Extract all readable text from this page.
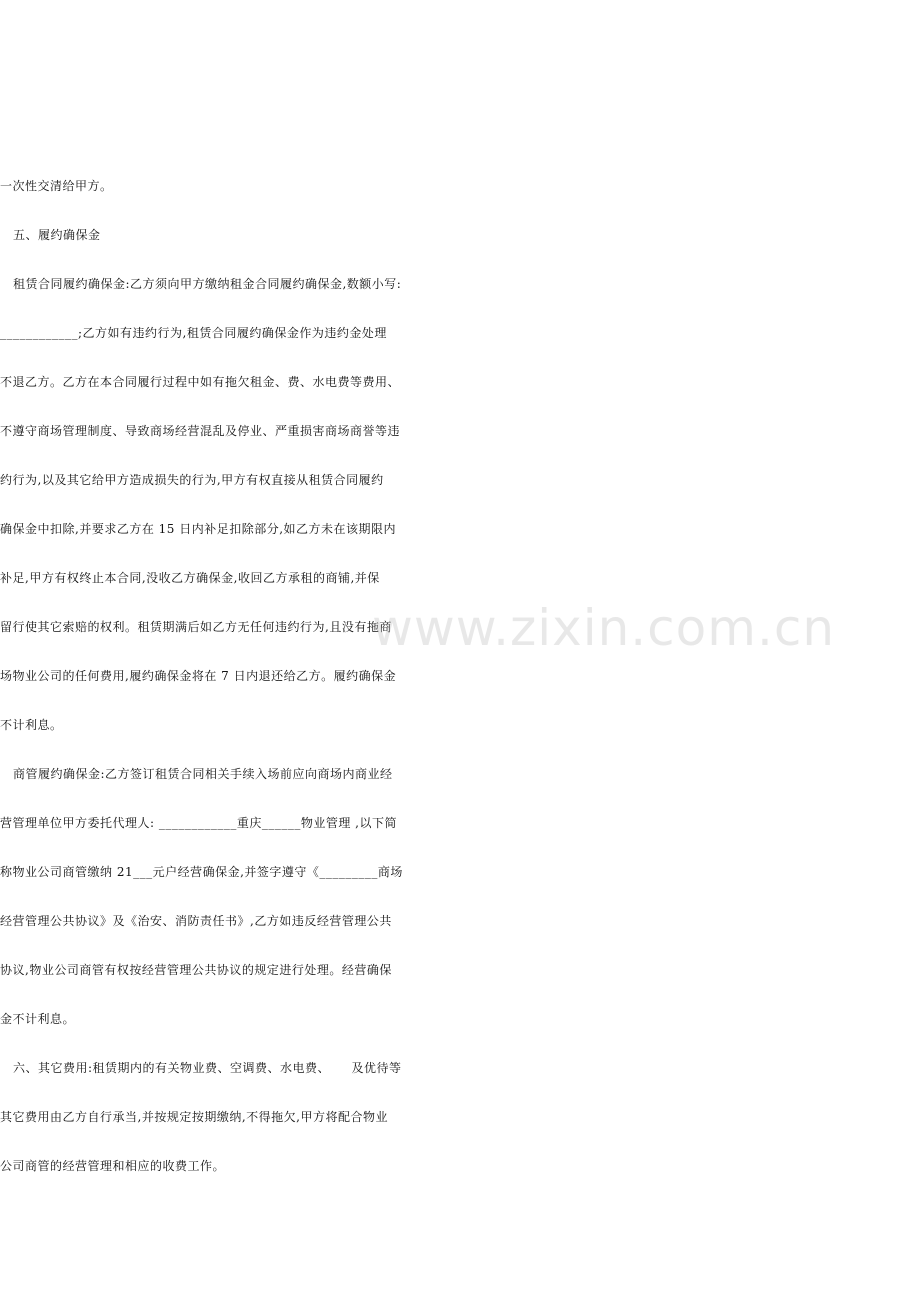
一次性交清给甲方。
五、履约确保金
租赁合同履约确保金:乙方须向甲方缴纳租金合同履约确保金,数额小写:
____________;乙方如有违约行为,租赁合同履约确保金作为违约金处理
不退乙方。乙方在本合同履行过程中如有拖欠租金、费、水电费等费用、
不遵守商场管理制度、导致商场经营混乱及停业、严重损害商场商誉等违
约行为,以及其它给甲方造成损失的行为,甲方有权直接从租赁合同履约
确保金中扣除,并要求乙方在 15 日内补足扣除部分,如乙方未在该期限内
补足,甲方有权终止本合同,没收乙方确保金,收回乙方承租的商铺,并保
留行使其它索赔的权利。租赁期满后如乙方无任何违约行为,且没有拖商
场物业公司的任何费用,履约确保金将在 7 日内退还给乙方。履约确保金
不计利息。
商管履约确保金:乙方签订租赁合同相关手续入场前应向商场内商业经
营管理单位甲方委托代理人: ____________重庆______物业管理 ,以下简
称物业公司商管缴纳 21___元户经营确保金,并签字遵守《_________商场
经营管理公共协议》及《治安、消防责任书》,乙方如违反经营管理公共
协议,物业公司商管有权按经营管理公共协议的规定进行处理。经营确保
金不计利息。
六、其它费用:租赁期内的有关物业费、空调费、水电费、     及优待等
其它费用由乙方自行承当,并按规定按期缴纳,不得拖欠,甲方将配合物业
公司商管的经营管理和相应的收费工作。
www.zixin.com.cn
